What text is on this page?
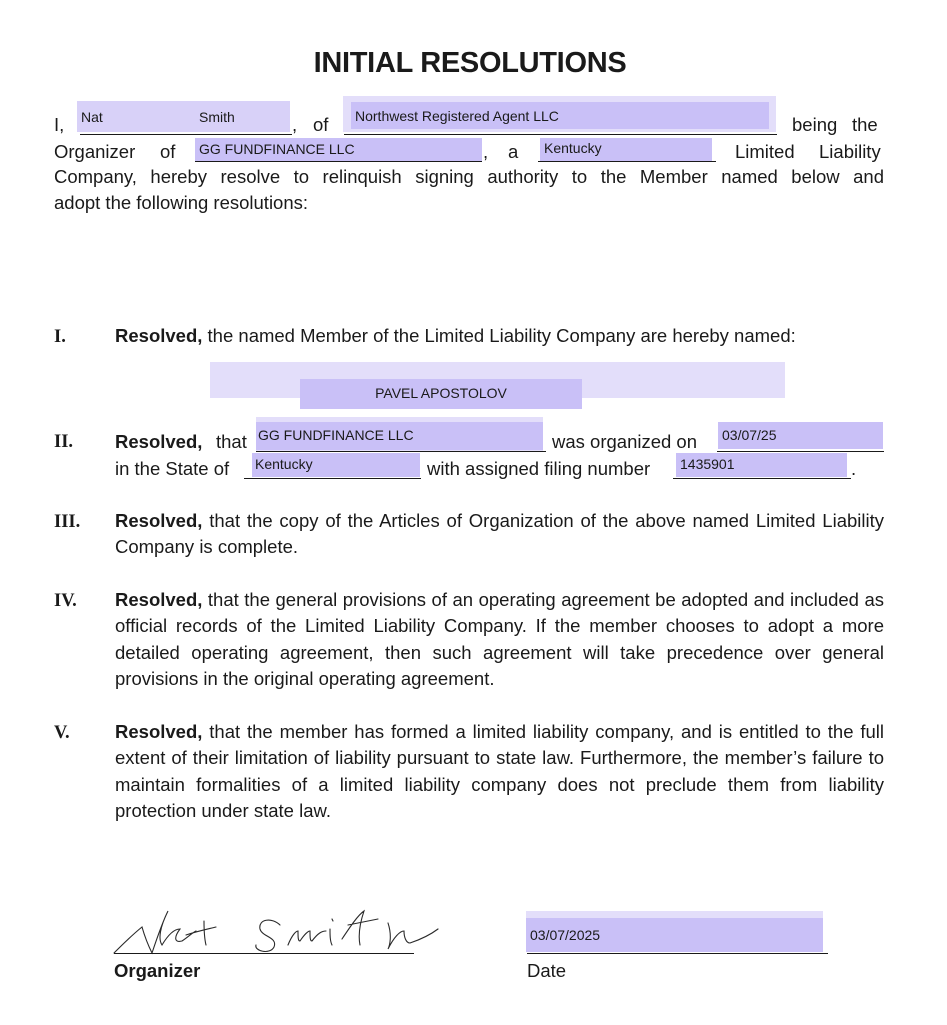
INITIAL RESOLUTIONS
I, Nat	Smith	, of Northwest Registered Agent LLC	being the
Organizer of GG FUNDFINANCE LLC	, a Kentucky	Limited Liability
Company, hereby resolve to relinquish signing authority to the Member named below and
adopt the following resolutions:
I.	Resolved, the named Member of the Limited Liability Company are hereby named:
PAVEL APOSTOLOV
II. Resolved, that GG FUNDFINANCE LLC	was organized on 03/07/25
in the State of Kentucky	with assigned filing number 1435901	.
III. Resolved, that the copy of the Articles of Organization of the above named Limited Liability Company is complete.
IV. Resolved, that the general provisions of an operating agreement be adopted and included as official records of the Limited Liability Company. If the member chooses to adopt a more detailed operating agreement, then such agreement will take precedence over general provisions in the original operating agreement.
V. Resolved, that the member has formed a limited liability company, and is entitled to the full extent of their limitation of liability pursuant to state law. Furthermore, the member’s failure to maintain formalities of a limited liability company does not preclude them from liability protection under state law.
Organizer
03/07/2025
Date
